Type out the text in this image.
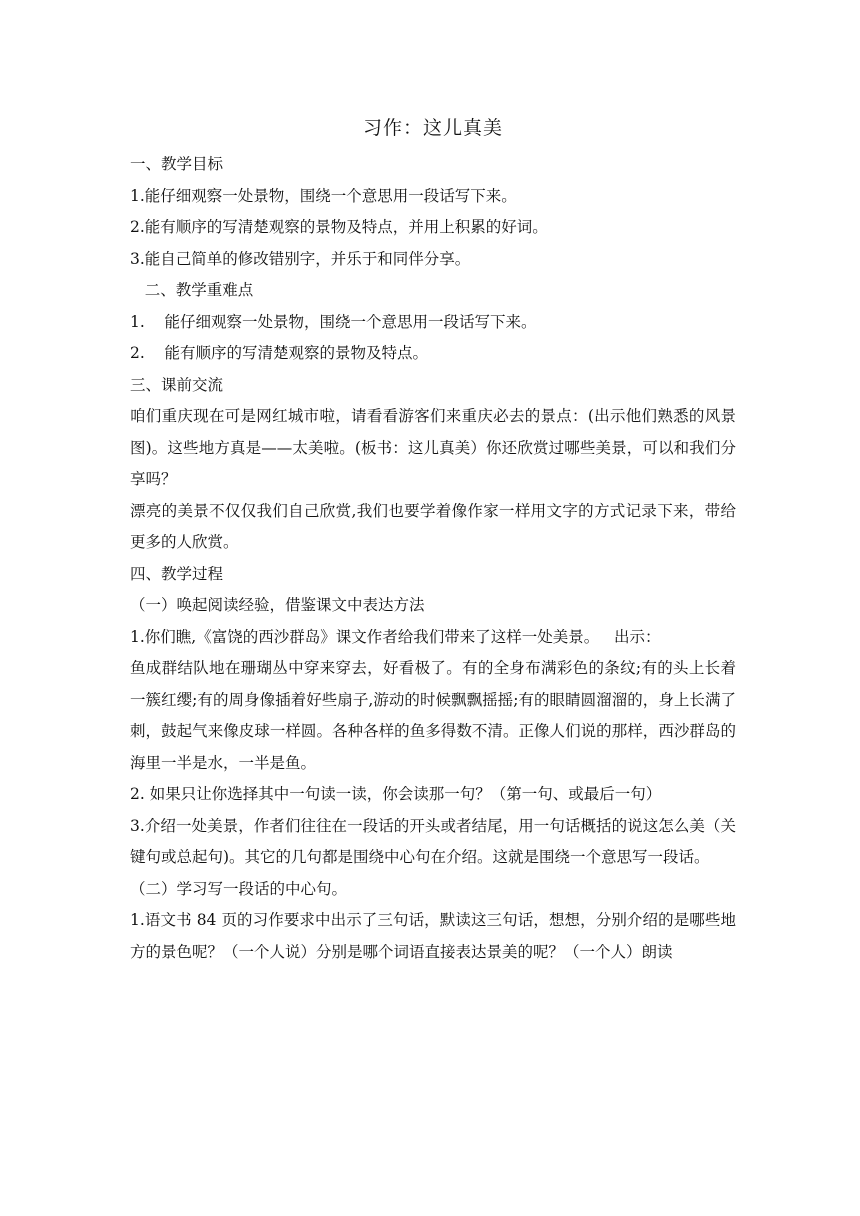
习作：这儿真美

一、教学目标

1.能仔细观察一处景物，围绕一个意思用一段话写下来。

2.能有顺序的写清楚观察的景物及特点，并用上积累的好词。

3.能自己简单的修改错别字，并乐于和同伴分享。

二、教学重难点

1.    能仔细观察一处景物，围绕一个意思用一段话写下来。

2.    能有顺序的写清楚观察的景物及特点。

三、课前交流

咱们重庆现在可是网红城市啦，请看看游客们来重庆必去的景点：(出示他们熟悉的风景图)。这些地方真是——太美啦。(板书：这儿真美）你还欣赏过哪些美景，可以和我们分享吗？

漂亮的美景不仅仅我们自己欣赏,我们也要学着像作家一样用文字的方式记录下来，带给更多的人欣赏。

四、教学过程

（一）唤起阅读经验，借鉴课文中表达方法

1.你们瞧,《富饶的西沙群岛》课文作者给我们带来了这样一处美景。   出示：

鱼成群结队地在珊瑚丛中穿来穿去，好看极了。有的全身布满彩色的条纹;有的头上长着一簇红缨;有的周身像插着好些扇子,游动的时候飘飘摇摇;有的眼睛圆溜溜的，身上长满了刺，鼓起气来像皮球一样圆。各种各样的鱼多得数不清。正像人们说的那样，西沙群岛的海里一半是水，一半是鱼。

2. 如果只让你选择其中一句读一读，你会读那一句？（第一句、或最后一句）

3.介绍一处美景，作者们往往在一段话的开头或者结尾，用一句话概括的说这怎么美（关键句或总起句)。其它的几句都是围绕中心句在介绍。这就是围绕一个意思写一段话。

（二）学习写一段话的中心句。

1.语文书 84 页的习作要求中出示了三句话，默读这三句话，想想，分别介绍的是哪些地方的景色呢？（一个人说）分别是哪个词语直接表达景美的呢？（一个人）朗读
